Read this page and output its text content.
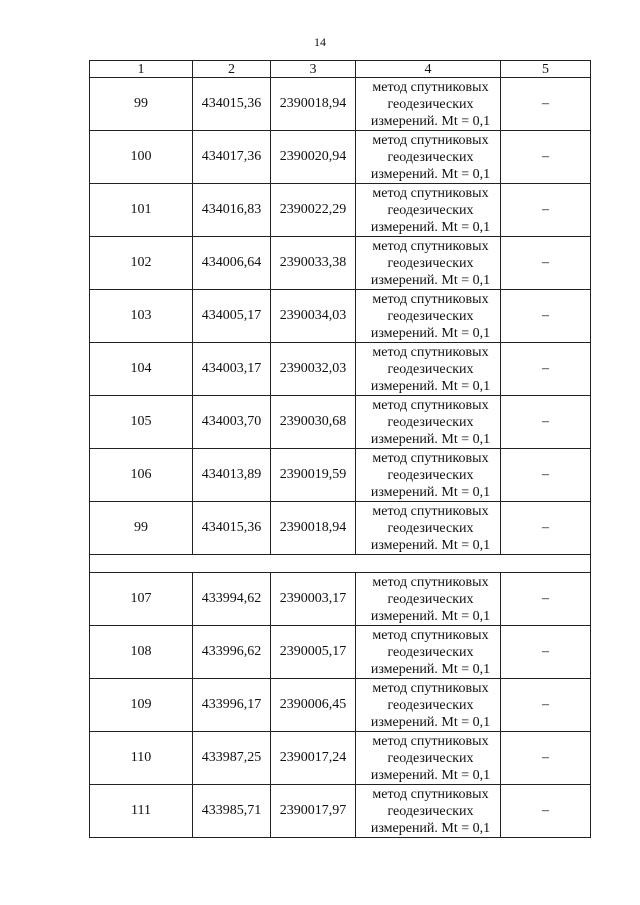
14
1	2	3	4	5
99	434015,36	2390018,94	метод спутниковых
геодезических
измерений. Mt = 0,1	–
100	434017,36	2390020,94	метод спутниковых
геодезических
измерений. Mt = 0,1	–
101	434016,83	2390022,29	метод спутниковых
геодезических
измерений. Mt = 0,1	–
102	434006,64	2390033,38	метод спутниковых
геодезических
измерений. Mt = 0,1	–
103	434005,17	2390034,03	метод спутниковых
геодезических
измерений. Mt = 0,1	–
104	434003,17	2390032,03	метод спутниковых
геодезических
измерений. Mt = 0,1	–
105	434003,70	2390030,68	метод спутниковых
геодезических
измерений. Mt = 0,1	–
106	434013,89	2390019,59	метод спутниковых
геодезических
измерений. Mt = 0,1	–
99	434015,36	2390018,94	метод спутниковых
геодезических
измерений. Mt = 0,1	–

107	433994,62	2390003,17	метод спутниковых
геодезических
измерений. Mt = 0,1	–
108	433996,62	2390005,17	метод спутниковых
геодезических
измерений. Mt = 0,1	–
109	433996,17	2390006,45	метод спутниковых
геодезических
измерений. Mt = 0,1	–
110	433987,25	2390017,24	метод спутниковых
геодезических
измерений. Mt = 0,1	–
111	433985,71	2390017,97	метод спутниковых
геодезических
измерений. Mt = 0,1	–
